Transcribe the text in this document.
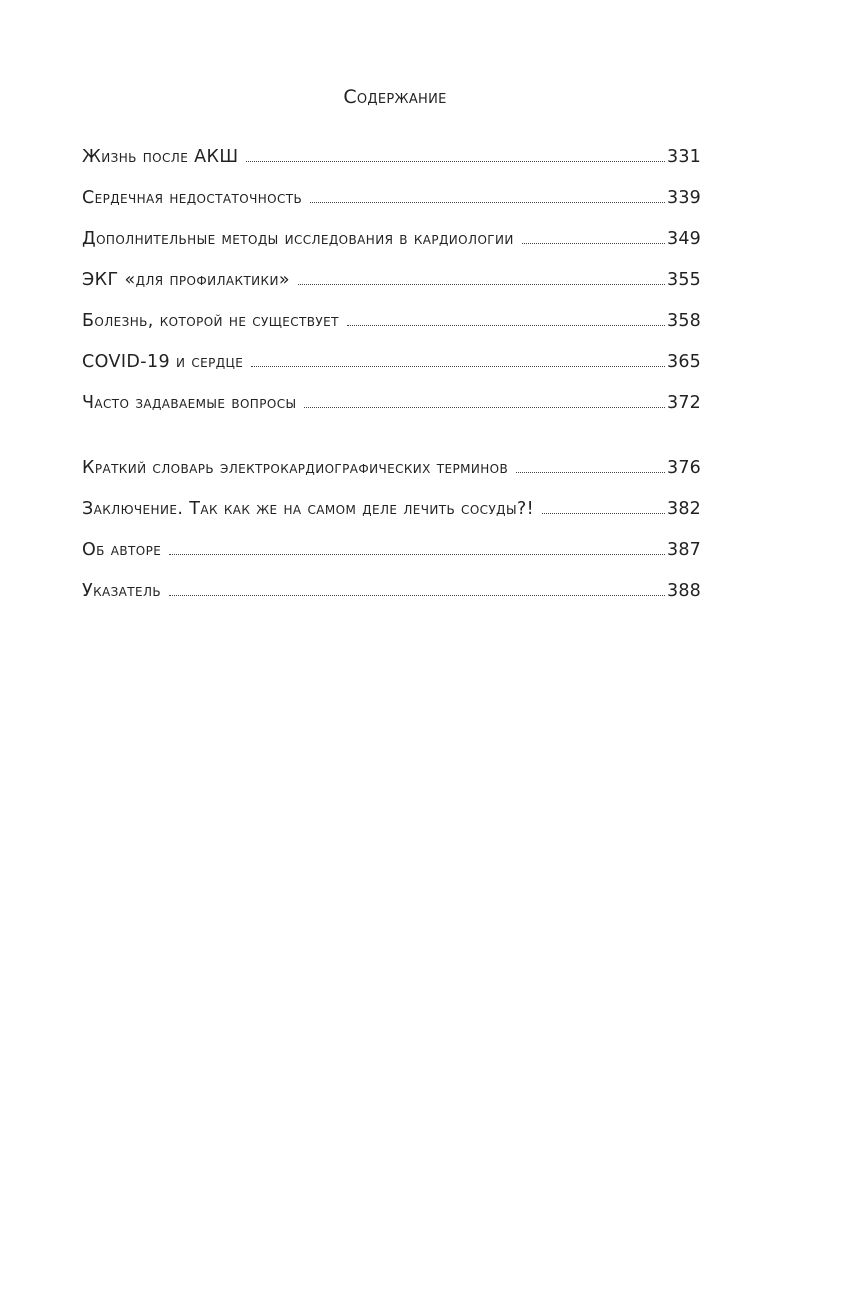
Содержание
Жизнь после АКШ	331
Сердечная недостаточность	339
Дополнительные методы исследования в кардиологии	349
ЭКГ «для профилактики»	355
Болезнь, которой не существует	358
COVID-19 и сердце	365
Часто задаваемые вопросы	372
Краткий словарь электрокардиографических терминов	376
Заключение. Так как же на самом деле лечить сосуды?!	382
Об авторе	387
Указатель	388
